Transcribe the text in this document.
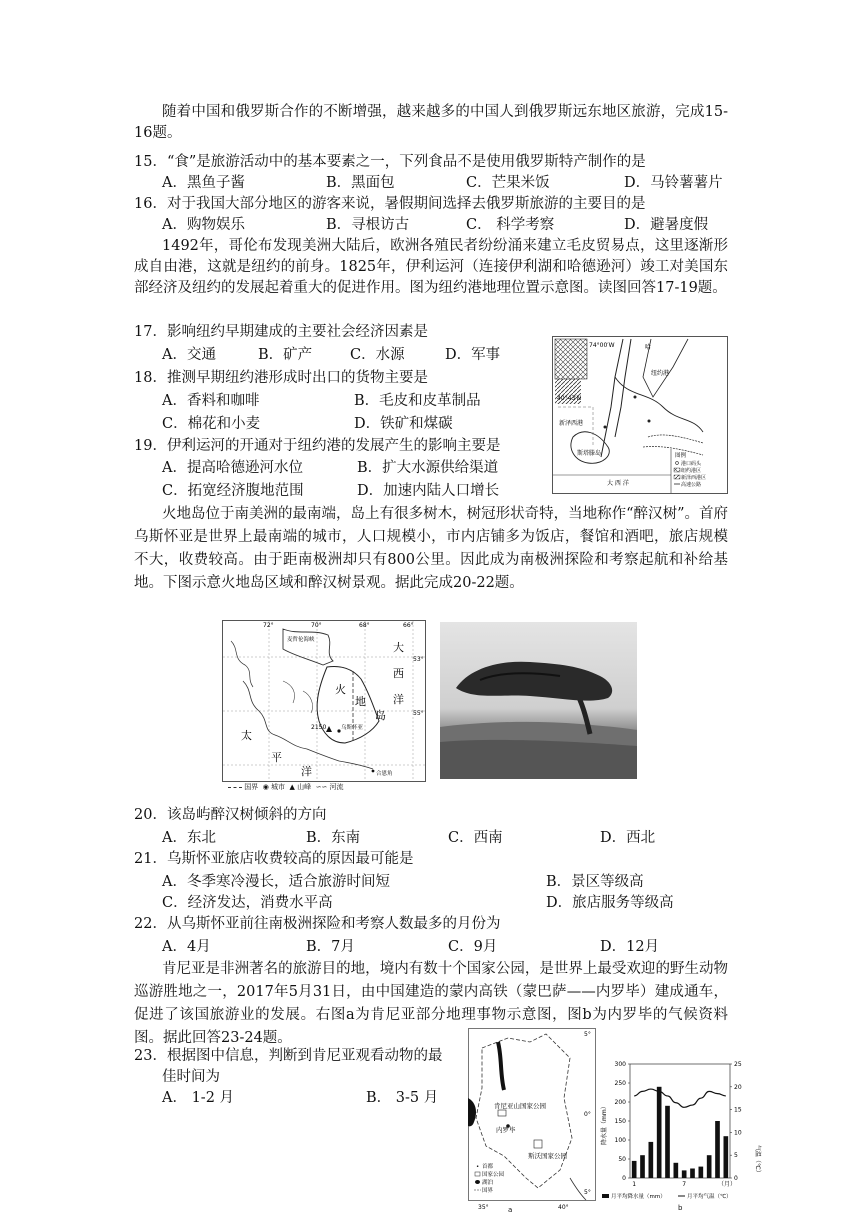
随着中国和俄罗斯合作的不断增强，越来越多的中国人到俄罗斯远东地区旅游，完成15-16题。
15．“食”是旅游活动中的基本要素之一，下列食品不是使用俄罗斯特产制作的是
A．黑鱼子酱	B．黑面包	C．芒果米饭	D．马铃薯薯片
16．对于我国大部分地区的游客来说，暑假期间选择去俄罗斯旅游的主要目的是
A．购物娱乐	B．寻根访古	C． 科学考察	D．避暑度假
1492年，哥伦布发现美洲大陆后，欧洲各殖民者纷纷涌来建立毛皮贸易点，这里逐渐形成自由港，这就是纽约的前身。1825年，伊利运河（连接伊利湖和哈德逊河）竣工对美国东部经济及纽约的发展起着重大的促进作用。图为纽约港地理位置示意图。读图回答17-19题。
17．影响纽约早期建成的主要社会经济因素是
A．交通	B．矿产	C．水源	D．军事
18．推测早期纽约港形成时出口的货物主要是
A．香料和咖啡	B．毛皮和皮革制品
C．棉花和小麦	D．铁矿和煤碳
19．伊利运河的开通对于纽约港的发展产生的影响主要是
A．提高哈德逊河水位	B．扩大水源供给渠道
C．拓宽经济腹地范围	D．加速内陆人口增长
74°00′W
40°43′N
纽约港
哈
新泽西港
斯塔滕岛
大 西 洋
图例
港口码头
纽约港区
新泽西港区
高速公路
火地岛位于南美洲的最南端，岛上有很多树木，树冠形状奇特，当地称作“醉汉树”。首府乌斯怀亚是世界上最南端的城市，人口规模小，市内店铺多为饭店，餐馆和酒吧，旅店规模不大，收费较高。由于距南极洲却只有800公里。因此成为南极洲探险和考察起航和补给基地。下图示意火地岛区域和醉汉树景观。据此完成20-22题。
72°	70°	68°	66°
53°
55°
麦哲伦海峡
大
西
洋
太
平
洋
火
地
岛
2150	乌斯怀亚
合恩角
国界 ◉ 城市 ▲ 山峰 ∽∽ 河流
20．该岛屿醉汉树倾斜的方向
A．东北	B．东南	C．西南	D．西北
21．乌斯怀亚旅店收费较高的原因最可能是
A．冬季寒冷漫长，适合旅游时间短	B．景区等级高
C．经济发达，消费水平高	D．旅店服务等级高
22．从乌斯怀亚前往南极洲探险和考察人数最多的月份为
A．4月	B．7月	C．9月	D．12月
肯尼亚是非洲著名的旅游目的地，境内有数十个国家公园，是世界上最受欢迎的野生动物巡游胜地之一，2017年5月31日，由中国建造的蒙内高铁（蒙巴萨——内罗毕）建成通车，促进了该国旅游业的发展。右图a为肯尼亚部分地理事物示意图，图b为内罗毕的气候资料图。据此回答23-24题。
23．根据图中信息，判断到肯尼亚观看动物的最
佳时间为
A． 1-2 月	B． 3-5 月	肯尼亚山国家公园
内罗毕
斯沃国家公园
5°
0°
5°
35°	40°
• 首都
国家公园
湖泊
国界
a
0
50
100
150
200
250
300
0
5
10
15
20
25
1	7
降水量（mm）
气温（℃）
（月）
月平均降水量（mm）	月平均气温（℃）
b
